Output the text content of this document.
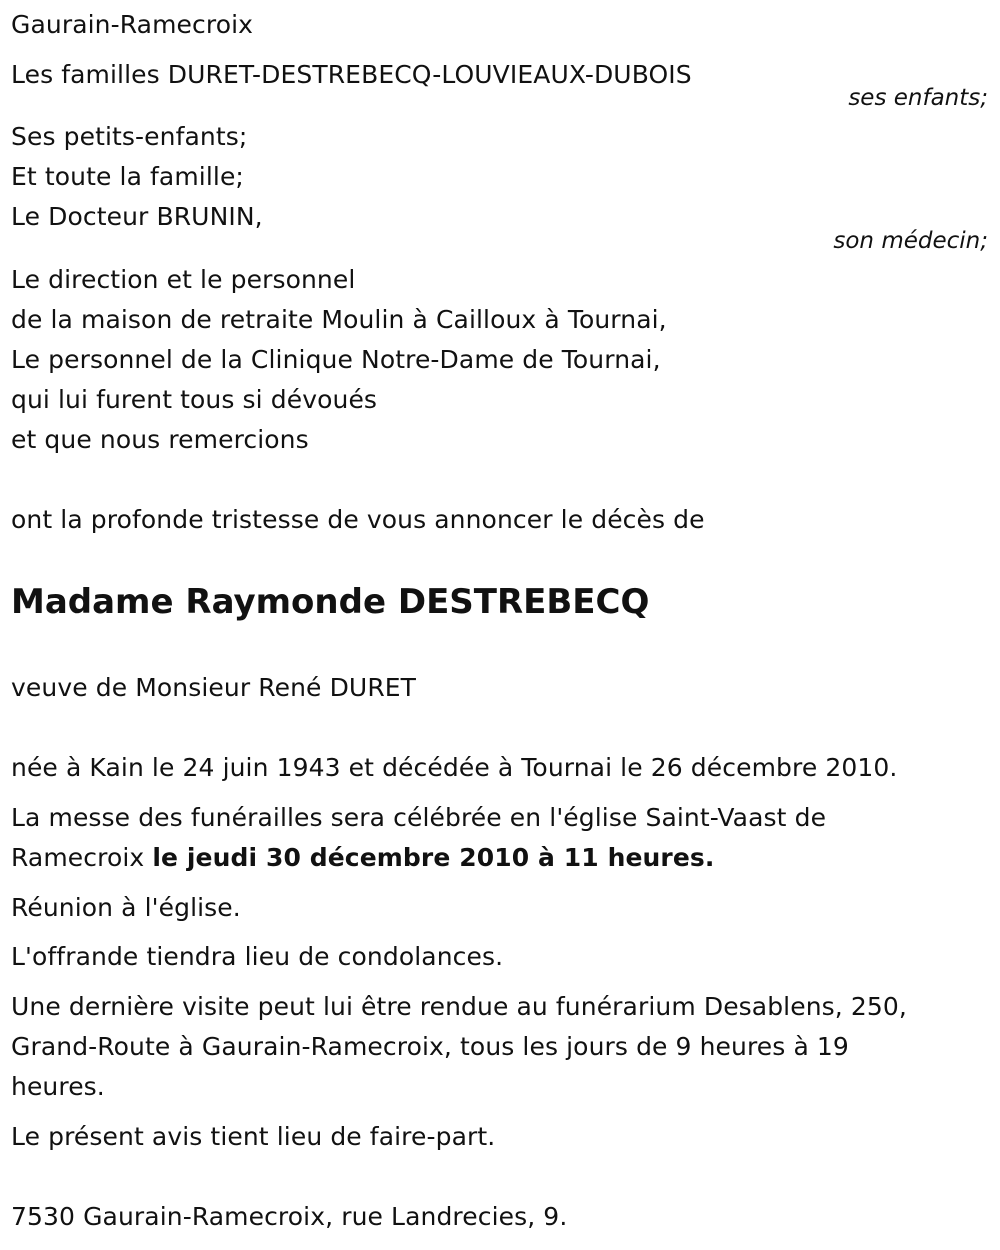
Gaurain-Ramecroix
Les familles DURET-DESTREBECQ-LOUVIEAUX-DUBOIS
ses enfants;
Ses petits-enfants;
Et toute la famille;
Le Docteur BRUNIN,
son médecin;
Le direction et le personnel
de la maison de retraite Moulin à Cailloux à Tournai,
Le personnel de la Clinique Notre-Dame de Tournai,
qui lui furent tous si dévoués
et que nous remercions
ont la profonde tristesse de vous annoncer le décès de
Madame Raymonde DESTREBECQ
veuve de Monsieur René DURET
née à Kain le 24 juin 1943 et décédée à Tournai le 26 décembre 2010.
La messe des funérailles sera célébrée en l'église Saint-Vaast de
Ramecroix le jeudi 30 décembre 2010 à 11 heures.
Réunion à l'église.
L'offrande tiendra lieu de condolances.
Une dernière visite peut lui être rendue au funérarium Desablens, 250,
Grand-Route à Gaurain-Ramecroix, tous les jours de 9 heures à 19
heures.
Le présent avis tient lieu de faire-part.
7530 Gaurain-Ramecroix, rue Landrecies, 9.
